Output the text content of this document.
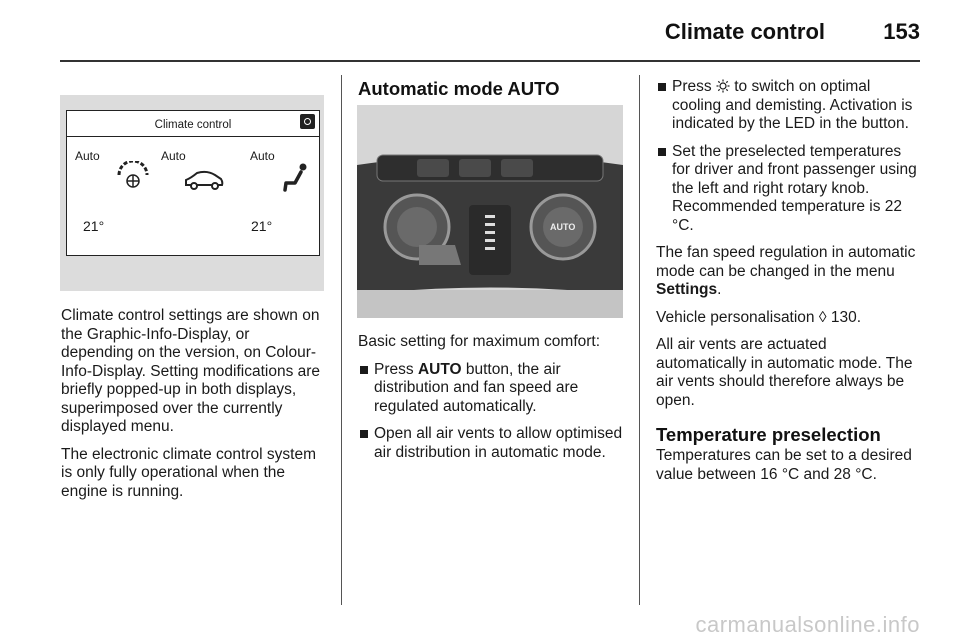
Climate control	153
Climate control
Auto	Auto	Auto
21°	21°

Climate control settings are shown on the Graphic-Info-Display, or depending on the version, on Colour-Info-Display. Setting modifications are briefly popped-up in both displays, superimposed over the currently displayed menu.

The electronic climate control system is only fully operational when the engine is running.

Automatic mode AUTO
AUTO

Basic setting for maximum comfort:

Press AUTO button, the air distribution and fan speed are regulated automatically.
Open all air vents to allow optimised air distribution in automatic mode.
Press  to switch on optimal cooling and demisting. Activation is indicated by the LED in the button.
Set the preselected temperatures for driver and front passenger using the left and right rotary knob. Recommended temperature is 22 °C.

The fan speed regulation in automatic mode can be changed in the menu Settings.

Vehicle personalisation ◊ 130.

All air vents are actuated automatically in automatic mode. The air vents should therefore always be open.

Temperature preselection

Temperatures can be set to a desired value between 16 °C and 28 °C.

carmanualsonline.info
